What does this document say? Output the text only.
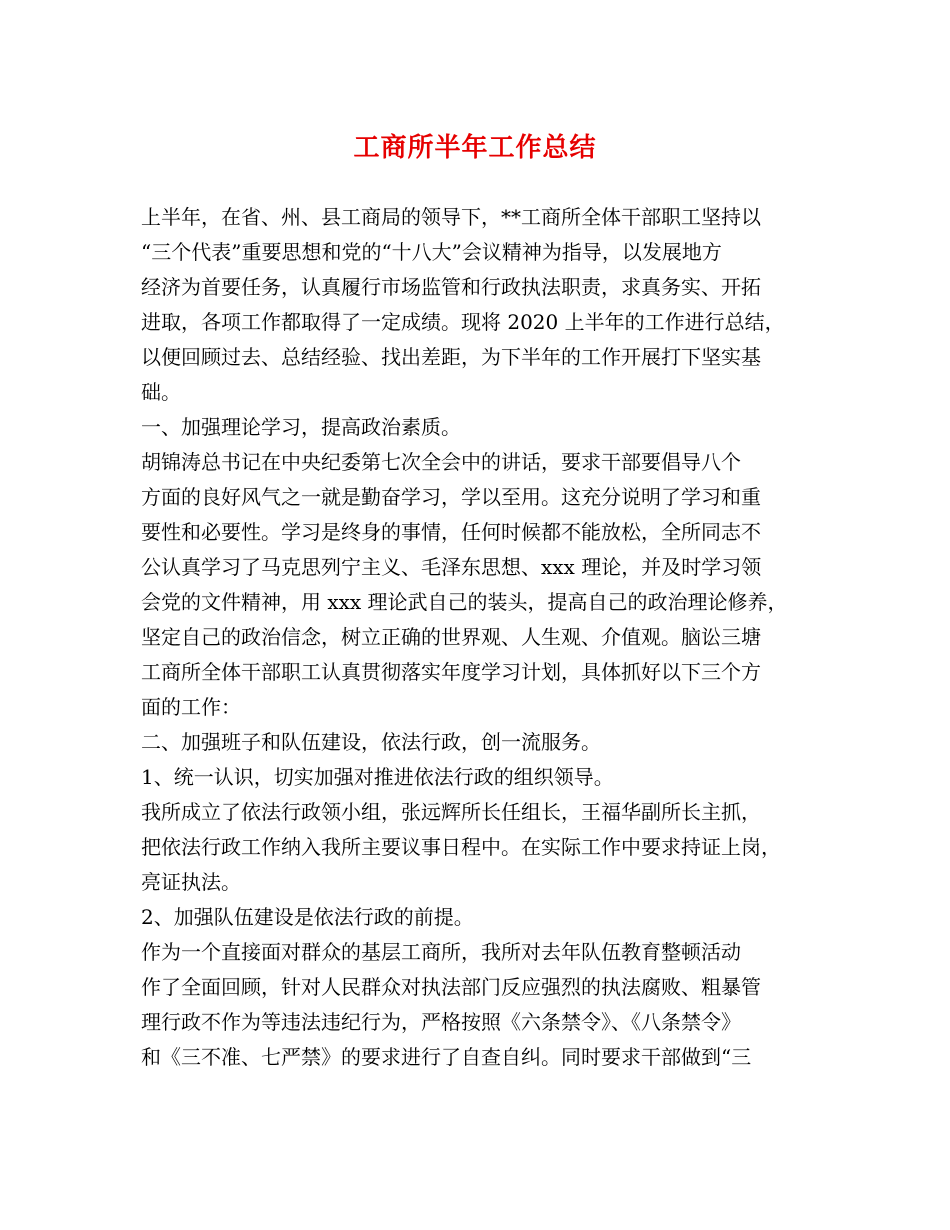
工商所半年工作总结

上半年，在省、州、县工商局的领导下，**工商所全体干部职工坚持以

“三个代表”重要思想和党的“十八大”会议精神为指导，以发展地方

经济为首要任务，认真履行市场监管和行政执法职责，求真务实、开拓

进取，各项工作都取得了一定成绩。现将 2020 上半年的工作进行总结，

以便回顾过去、总结经验、找出差距，为下半年的工作开展打下坚实基

础。

一、加强理论学习，提高政治素质。

胡锦涛总书记在中央纪委第七次全会中的讲话，要求干部要倡导八个

方面的良好风气之一就是勤奋学习，学以至用。这充分说明了学习和重

要性和必要性。学习是终身的事情，任何时候都不能放松，全所同志不

公认真学习了马克思列宁主义、毛泽东思想、xxx 理论，并及时学习领

会党的文件精神，用 xxx 理论武自己的装头，提高自己的政治理论修养，

坚定自己的政治信念，树立正确的世界观、人生观、介值观。脑讼三塘

工商所全体干部职工认真贯彻落实年度学习计划，具体抓好以下三个方

面的工作：

二、加强班子和队伍建设，依法行政，创一流服务。

1、统一认识，切实加强对推进依法行政的组织领导。

我所成立了依法行政领小组，张远辉所长任组长，王福华副所长主抓，

把依法行政工作纳入我所主要议事日程中。在实际工作中要求持证上岗，

亮证执法。

2、加强队伍建设是依法行政的前提。

作为一个直接面对群众的基层工商所，我所对去年队伍教育整顿活动

作了全面回顾，针对人民群众对执法部门反应强烈的执法腐败、粗暴管

理行政不作为等违法违纪行为，严格按照《六条禁令》、《八条禁令》

和《三不准、七严禁》的要求进行了自查自纠。同时要求干部做到“三
